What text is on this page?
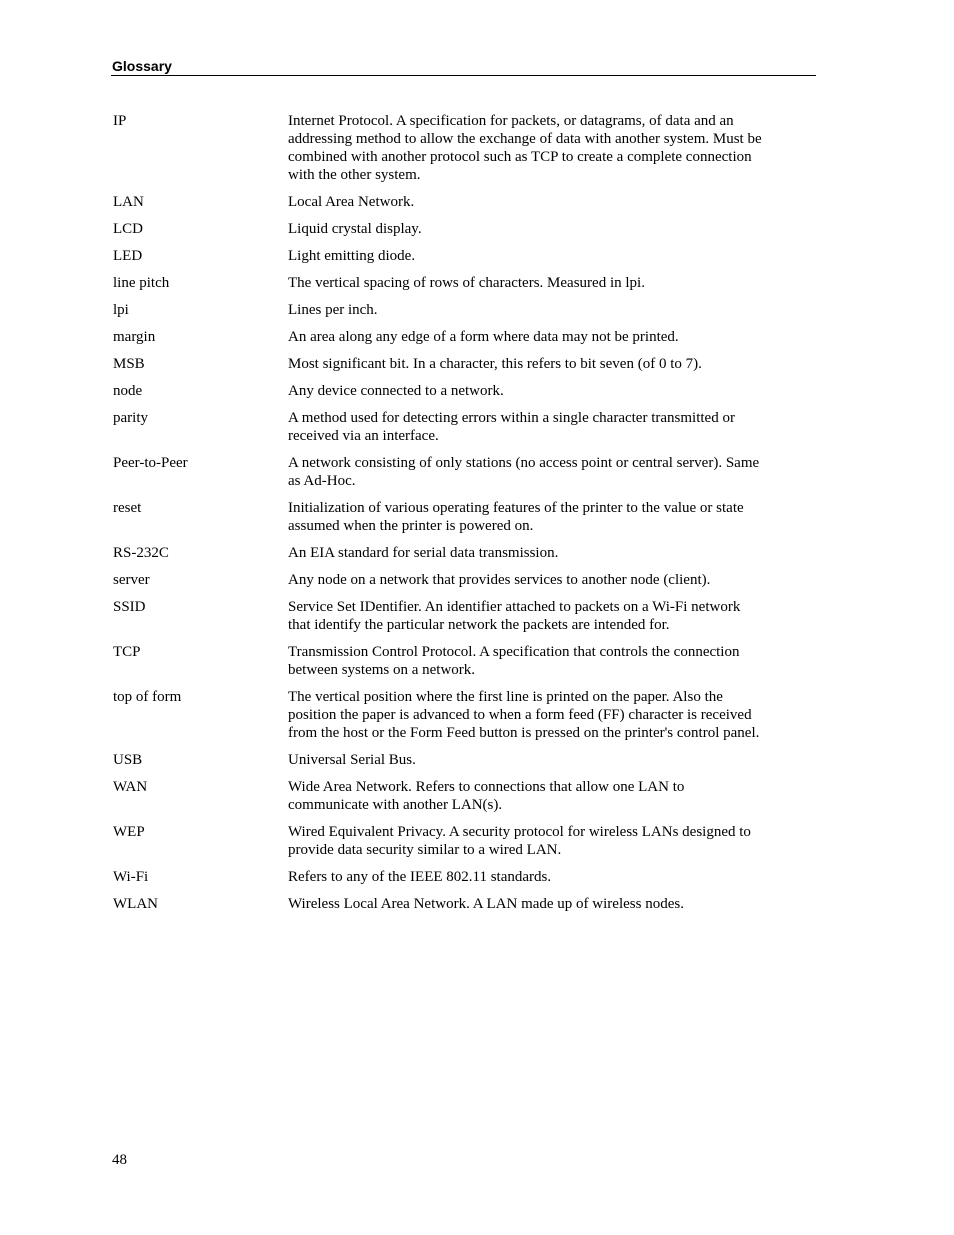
Glossary
IP	Internet Protocol. A specification for packets, or datagrams, of data and an
addressing method to allow the exchange of data with another system. Must be
combined with another protocol such as TCP to create a complete connection
with the other system.
LAN	Local Area Network.
LCD	Liquid crystal display.
LED	Light emitting diode.
line pitch	The vertical spacing of rows of characters. Measured in lpi.
lpi	Lines per inch.
margin	An area along any edge of a form where data may not be printed.
MSB	Most significant bit. In a character, this refers to bit seven (of 0 to 7).
node	Any device connected to a network.
parity	A method used for detecting errors within a single character transmitted or
received via an interface.
Peer-to-Peer	A network consisting of only stations (no access point or central server). Same
as Ad-Hoc.
reset	Initialization of various operating features of the printer to the value or state
assumed when the printer is powered on.
RS-232C	An EIA standard for serial data transmission.
server	Any node on a network that provides services to another node (client).
SSID	Service Set IDentifier. An identifier attached to packets on a Wi-Fi network
that identify the particular network the packets are intended for.
TCP	Transmission Control Protocol. A specification that controls the connection
between systems on a network.
top of form	The vertical position where the first line is printed on the paper. Also the
position the paper is advanced to when a form feed (FF) character is received
from the host or the Form Feed button is pressed on the printer's control panel.
USB	Universal Serial Bus.
WAN	Wide Area Network. Refers to connections that allow one LAN to
communicate with another LAN(s).
WEP	Wired Equivalent Privacy. A security protocol for wireless LANs designed to
provide data security similar to a wired LAN.
Wi-Fi	Refers to any of the IEEE 802.11 standards.
WLAN	Wireless Local Area Network. A LAN made up of wireless nodes.
48
